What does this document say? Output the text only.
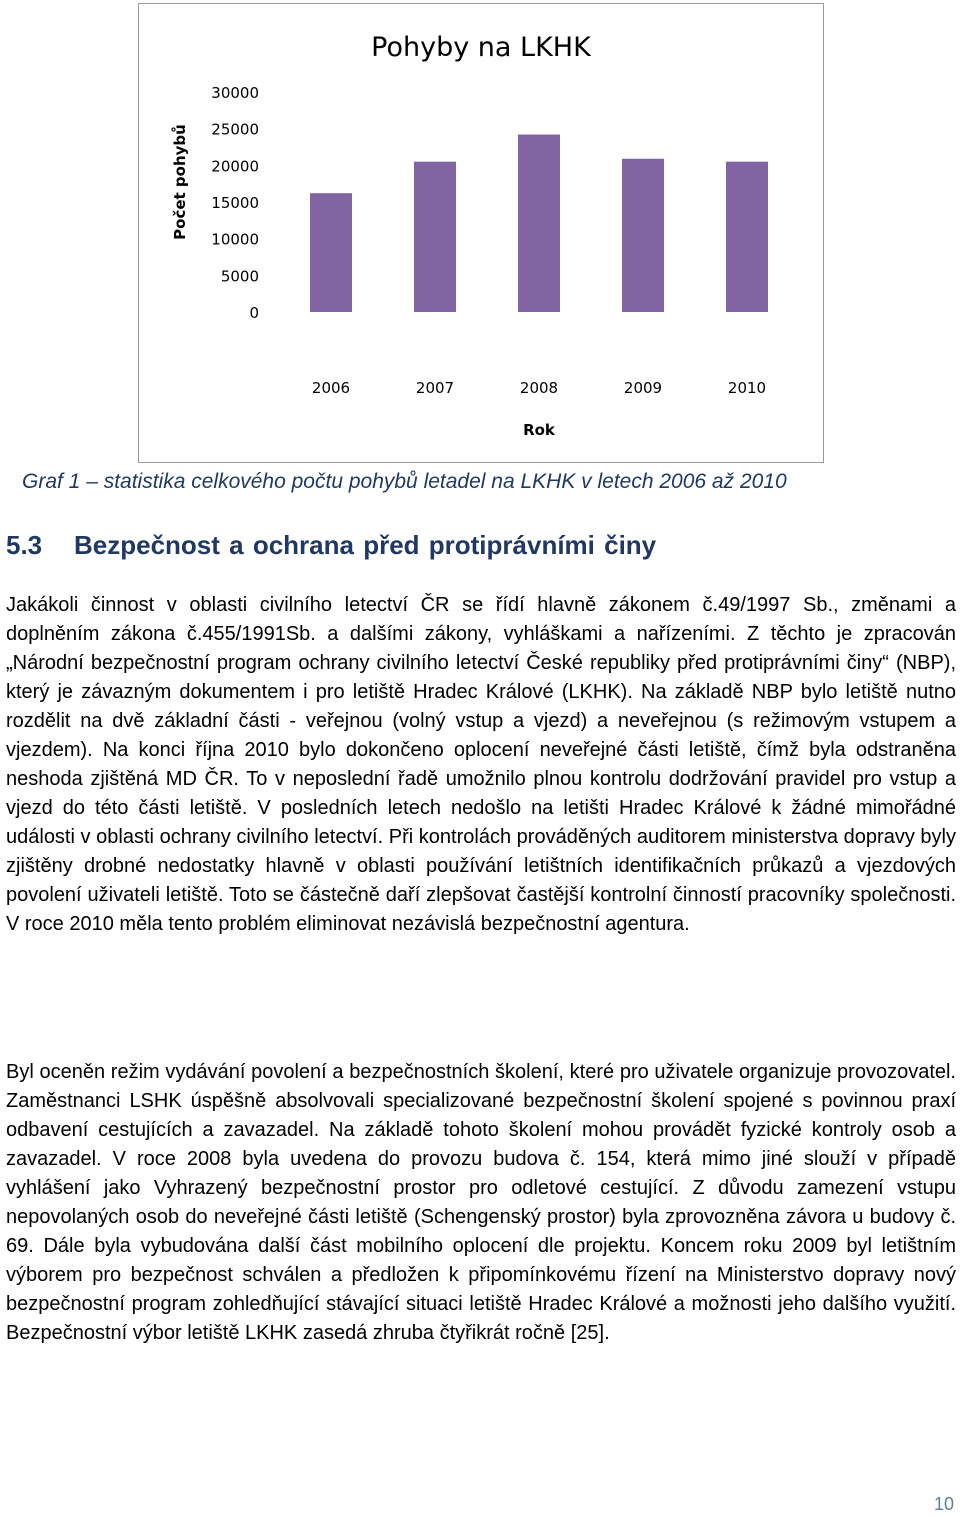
Pohyby na LKHK
0
5000
10000
15000
20000
25000
30000
Počet pohybů
2006	2007	2008	2009	2010
Rok
Graf 1 – statistika celkového počtu pohybů letadel na LKHK v letech 2006 až 2010
5.3 Bezpečnost a ochrana před protiprávními činy

Jakákoli činnost v oblasti civilního letectví ČR se řídí hlavně zákonem č.49/1997 Sb., změnami a doplněním zákona č.455/1991Sb. a dalšími zákony, vyhláškami a nařízeními. Z těchto je zpracován „Národní bezpečnostní program ochrany civilního letectví České republiky před protiprávními činy“ (NBP), který je závazným dokumentem i pro letiště Hradec Králové (LKHK). Na základě NBP bylo letiště nutno rozdělit na dvě základní části - veřejnou (volný vstup a vjezd) a neveřejnou (s režimovým vstupem a vjezdem). Na konci října 2010 bylo dokončeno oplocení neveřejné části letiště, čímž byla odstraněna neshoda zjištěná MD ČR. To v neposlední řadě umožnilo plnou kontrolu dodržování pravidel pro vstup a vjezd do této části letiště. V posledních letech nedošlo na letišti Hradec Králové k žádné mimořádné události v oblasti ochrany civilního letectví. Při kontrolách prováděných auditorem ministerstva dopravy byly zjištěny drobné nedostatky hlavně v oblasti používání letištních identifikačních průkazů a vjezdových povolení uživateli letiště. Toto se částečně daří zlepšovat častější kontrolní činností pracovníky společnosti. V roce 2010 měla tento problém eliminovat nezávislá bezpečnostní agentura.

Byl oceněn režim vydávání povolení a bezpečnostních školení, které pro uživatele organizuje provozovatel. Zaměstnanci LSHK úspěšně absolvovali specializované bezpečnostní školení spojené s povinnou praxí odbavení cestujících a zavazadel. Na základě tohoto školení mohou provádět fyzické kontroly osob a zavazadel. V roce 2008 byla uvedena do provozu budova č. 154, která mimo jiné slouží v případě vyhlášení jako Vyhrazený bezpečnostní prostor pro odletové cestující. Z důvodu zamezení vstupu nepovolaných osob do neveřejné části letiště (Schengenský prostor) byla zprovozněna závora u budovy č. 69. Dále byla vybudována další část mobilního oplocení dle projektu. Koncem roku 2009 byl letištním výborem pro bezpečnost schválen a předložen k připomínkovému řízení na Ministerstvo dopravy nový bezpečnostní program zohledňující stávající situaci letiště Hradec Králové a možnosti jeho dalšího využití. Bezpečnostní výbor letiště LKHK zasedá zhruba čtyřikrát ročně [25].

10
